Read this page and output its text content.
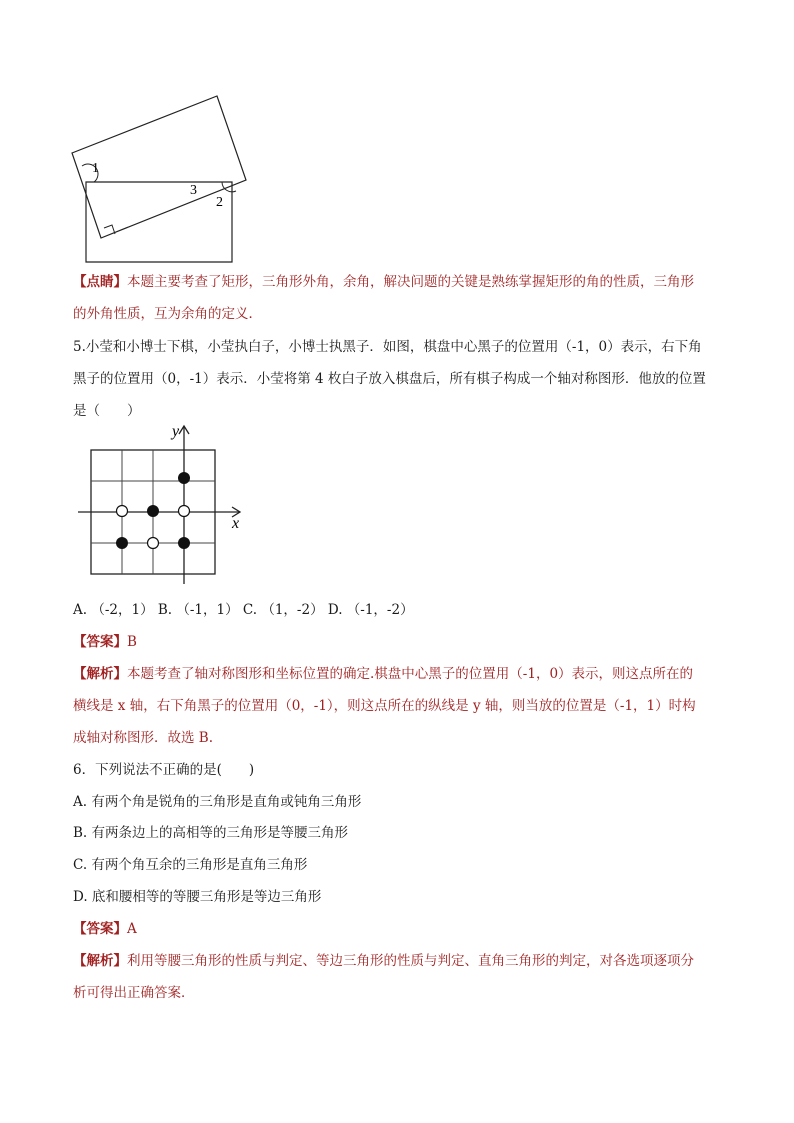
1
3
2
【点睛】本题主要考查了矩形，三角形外角，余角，解决问题的关键是熟练掌握矩形的角的性质，三角形
的外角性质，互为余角的定义．
5.小莹和小博士下棋，小莹执白子，小博士执黑子．如图，棋盘中心黑子的位置用（-1，0）表示，右下角
黑子的位置用（0，-1）表示．小莹将第 4 枚白子放入棋盘后，所有棋子构成一个轴对称图形．他放的位置
是（　　）
x
y
A. （-2，1） B. （-1，1） C. （1，-2） D. （-1，-2）
【答案】B
【解析】本题考查了轴对称图形和坐标位置的确定.棋盘中心黑子的位置用（-1，0）表示，则这点所在的
横线是 x 轴，右下角黑子的位置用（0，-1），则这点所在的纵线是 y 轴，则当放的位置是（-1，1）时构
成轴对称图形．故选 B.
6．下列说法不正确的是(　　)
A. 有两个角是锐角的三角形是直角或钝角三角形
B. 有两条边上的高相等的三角形是等腰三角形
C. 有两个角互余的三角形是直角三角形
D. 底和腰相等的等腰三角形是等边三角形
【答案】A
【解析】利用等腰三角形的性质与判定、等边三角形的性质与判定、直角三角形的判定，对各选项逐项分
析可得出正确答案．
